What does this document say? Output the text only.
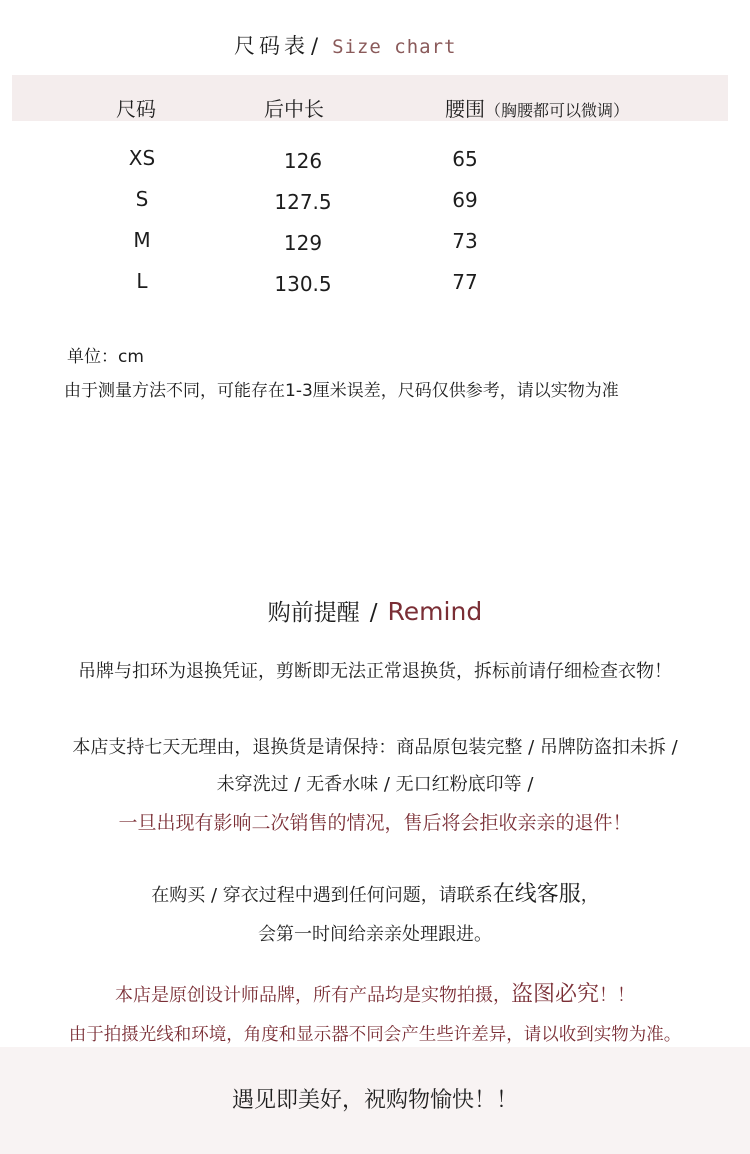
尺码表/ Size chart
尺码	后中长	腰围（胸腰都可以微调）
XS	126	65
S	127.5	69
M	129	73
L	130.5	77
单位：cm
由于测量方法不同，可能存在1-3厘米误差，尺码仅供参考，请以实物为准
购前提醒 / Remind
吊牌与扣环为退换凭证，剪断即无法正常退换货，拆标前请仔细检查衣物！
本店支持七天无理由，退换货是请保持：商品原包装完整 / 吊牌防盗扣未拆 /
未穿洗过 / 无香水味 / 无口红粉底印等 /
一旦出现有影响二次销售的情况，售后将会拒收亲亲的退件！
在购买 / 穿衣过程中遇到任何问题，请联系在线客服，
会第一时间给亲亲处理跟进。
本店是原创设计师品牌，所有产品均是实物拍摄，盗图必究！！
由于拍摄光线和环境，角度和显示器不同会产生些许差异，请以收到实物为准。
遇见即美好，祝购物愉快！！
